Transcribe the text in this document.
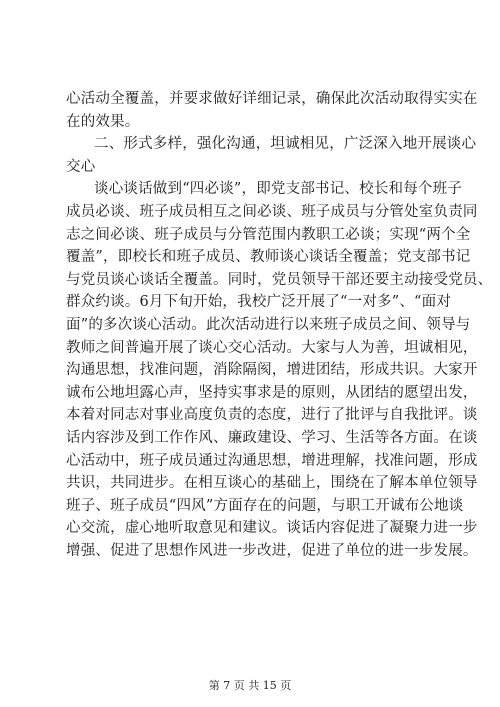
心活动全覆盖，并要求做好详细记录，确保此次活动取得实实在
在的效果。
二、形式多样，强化沟通，坦诚相见，广泛深入地开展谈心
交心
谈心谈话做到“四必谈”，即党支部书记、校长和每个班子
成员必谈、班子成员相互之间必谈、班子成员与分管处室负责同
志之间必谈、班子成员与分管范围内教职工必谈；实现“两个全
覆盖”，即校长和班子成员、教师谈心谈话全覆盖；党支部书记
与党员谈心谈话全覆盖。同时，党员领导干部还要主动接受党员、
群众约谈。6月下旬开始，我校广泛开展了“一对多”、“面对
面”的多次谈心活动。此次活动进行以来班子成员之间、领导与
教师之间普遍开展了谈心交心活动。大家与人为善，坦诚相见，
沟通思想，找准问题，消除隔阂，增进团结，形成共识。大家开
诚布公地坦露心声，坚持实事求是的原则，从团结的愿望出发，
本着对同志对事业高度负责的态度，进行了批评与自我批评。谈
话内容涉及到工作作风、廉政建设、学习、生活等各方面。在谈
心活动中，班子成员通过沟通思想，增进理解，找准问题，形成
共识，共同进步。在相互谈心的基础上，围绕在了解本单位领导
班子、班子成员“四风”方面存在的问题，与职工开诚布公地谈
心交流，虚心地听取意见和建议。谈话内容促进了凝聚力进一步
增强、促进了思想作风进一步改进，促进了单位的进一步发展。
第 7 页 共 15 页
